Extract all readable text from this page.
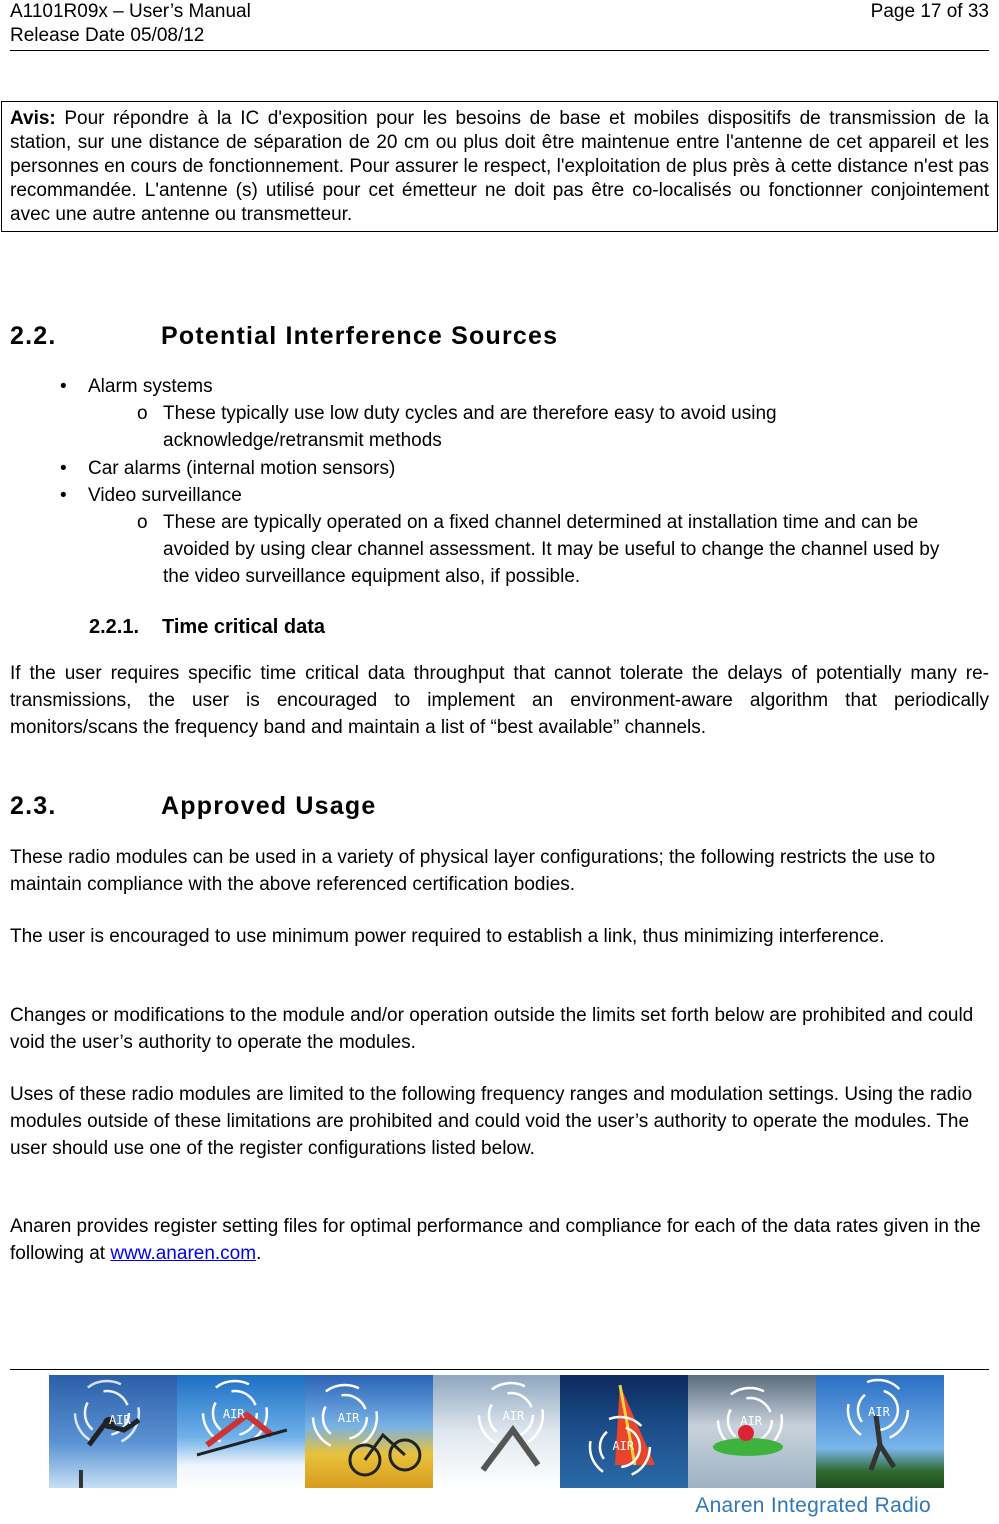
A1101R09x – User’s Manual
Release Date 05/08/12
Page 17 of 33
Avis: Pour répondre à la IC d'exposition pour les besoins de base et mobiles dispositifs de transmission de la station, sur une distance de séparation de 20 cm ou plus doit être maintenue entre l'antenne de cet appareil et les personnes en cours de fonctionnement. Pour assurer le respect, l'exploitation de plus près à cette distance n'est pas recommandée. L'antenne (s) utilisé pour cet émetteur ne doit pas être co-localisés ou fonctionner conjointement avec une autre antenne ou transmetteur.
2.2.	Potential Interference Sources
• Alarm systems
o These typically use low duty cycles and are therefore easy to avoid using acknowledge/retransmit methods
• Car alarms (internal motion sensors)
• Video surveillance
o These are typically operated on a fixed channel determined at installation time and can be avoided by using clear channel assessment. It may be useful to change the channel used by the video surveillance equipment also, if possible.
2.2.1. Time critical data
If the user requires specific time critical data throughput that cannot tolerate the delays of potentially many re-transmissions, the user is encouraged to implement an environment-aware algorithm that periodically monitors/scans the frequency band and maintain a list of “best available” channels.
2.3.	Approved Usage
These radio modules can be used in a variety of physical layer configurations; the following restricts the use to maintain compliance with the above referenced certification bodies.
The user is encouraged to use minimum power required to establish a link, thus minimizing interference.
Changes or modifications to the module and/or operation outside the limits set forth below are prohibited and could void the user’s authority to operate the modules.
Uses of these radio modules are limited to the following frequency ranges and modulation settings. Using the radio modules outside of these limitations are prohibited and could void the user’s authority to operate the modules. The user should use one of the register configurations listed below.
Anaren provides register setting files for optimal performance and compliance for each of the data rates given in the following at www.anaren.com.
AIR	AIR	AIR	AIR
AIR
AIR
AIR
Anaren Integrated Radio
